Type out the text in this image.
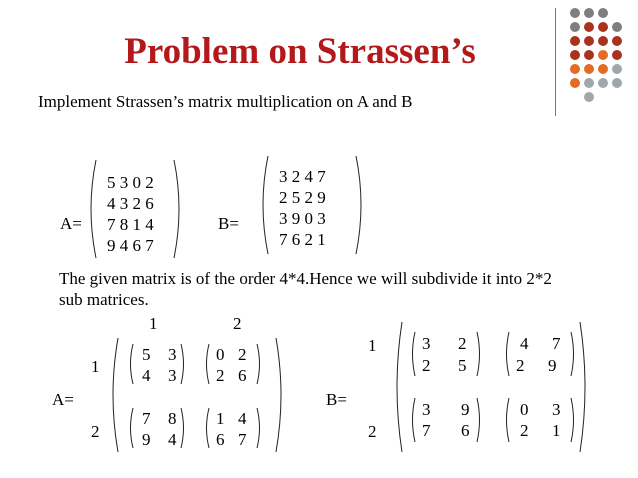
Problem on Strassen’s
Implement Strassen’s matrix multiplication on A and B
A=
5 3 0 2
4 3 2 6
7 8 1 4
9 4 6 7
B=
3 2 4 7
2 5 2 9
3 9 0 3
7 6 2 1
The given matrix is of the order 4*4.Hence we will subdivide it into 2*2 sub matrices.
1	2
1
2
A=
5 3
4 3
0 2
2 6
7 8
9 4
1 4
6 7
1
2
B=
3 2
2 5
4 7
2 9
3 9
7 6
0 3
2 1
